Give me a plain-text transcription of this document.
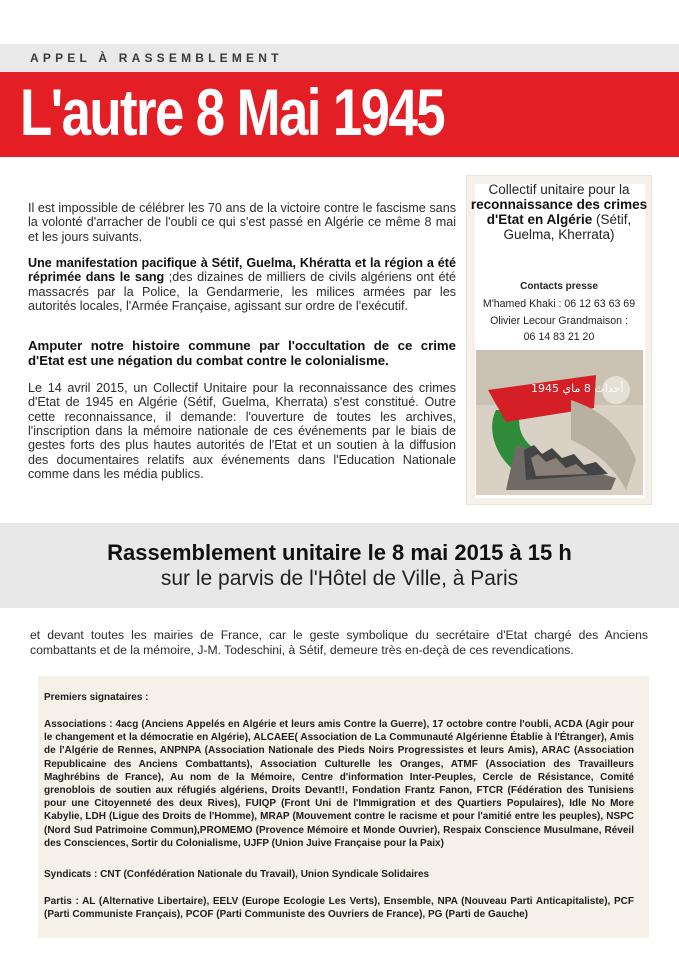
APPEL À RASSEMBLEMENT
L'autre 8 Mai 1945

Il est impossible de célébrer les 70 ans de la victoire contre le fascisme sans la volonté d'arracher de l'oubli ce qui s'est passé en Algérie ce même 8 mai et les jours suivants.

Une manifestation pacifique à Sétif, Guelma, Khératta et la région a été réprimée dans le sang ;des dizaines de milliers de civils algériens ont été massacrés par la Police, la Gendarmerie, les milices armées par les autorités locales, l'Armée Française, agissant sur ordre de l'exécutif.

Amputer notre histoire commune par l'occultation de ce crime d'Etat est une négation du combat contre le colonialisme.

Le 14 avril 2015, un Collectif Unitaire pour la reconnaissance des crimes d'Etat de 1945 en Algérie (Sétif, Guelma, Kherrata) s'est constitué. Outre cette reconnaissance, il demande: l'ouverture de toutes les archives, l'inscription dans la mémoire nationale de ces événements par le biais de gestes forts des plus hautes autorités de l'Etat et un soutien à la diffusion des documentaires relatifs aux événements dans l'Education Nationale comme dans les média publics.

Collectif unitaire pour la
reconnaissance des crimes d'Etat en Algérie (Sétif, Guelma, Kherrata)
Contacts presse
M'hamed Khaki : 06 12 63 63 69
Olivier Lecour Grandmaison :
06 14 83 21 20
أحداث 8 ماي 1945
Rassemblement unitaire le 8 mai 2015 à 15 h
sur le parvis de l'Hôtel de Ville, à Paris

et devant toutes les mairies de France, car le geste symbolique du secrétaire d'Etat chargé des Anciens combattants et de la mémoire, J-M. Todeschini, à Sétif, demeure très en-deçà de ces revendications.

Premiers signataires :

Associations : 4acg (Anciens Appelés en Algérie et leurs amis Contre la Guerre), 17 octobre contre l'oubli, ACDA (Agir pour le changement et la démocratie en Algérie), ALCAEE( Association de La Communauté Algérienne Établie à l'Étranger), Amis de l'Algérie de Rennes, ANPNPA (Association Nationale des Pieds Noirs Progressistes et leurs Amis), ARAC (Association Republicaine des Anciens Combattants), Association Culturelle les Oranges, ATMF (Association des Travailleurs Maghrébins de France), Au nom de la Mémoire, Centre d'information Inter-Peuples, Cercle de Résistance, Comité grenoblois de soutien aux réfugiés algériens, Droits Devant!!, Fondation Frantz Fanon, FTCR (Fédération des Tunisiens pour une Citoyenneté des deux Rives), FUIQP (Front Uni de l'Immigration et des Quartiers Populaires), Idle No More Kabylie, LDH (Ligue des Droits de l'Homme), MRAP (Mouvement contre le racisme et pour l'amitié entre les peuples), NSPC (Nord Sud Patrimoine Commun),PROMEMO (Provence Mémoire et Monde Ouvrier), Respaix Conscience Musulmane, Réveil des Consciences, Sortir du Colonialisme, UJFP (Union Juive Française pour la Paix)

Syndicats : CNT (Confédération Nationale du Travail), Union Syndicale Solidaires

Partis : AL (Alternative Libertaire), EELV (Europe Ecologie Les Verts), Ensemble, NPA (Nouveau Parti Anticapitaliste), PCF (Parti Communiste Français), PCOF (Parti Communiste des Ouvriers de France), PG (Parti de Gauche)
